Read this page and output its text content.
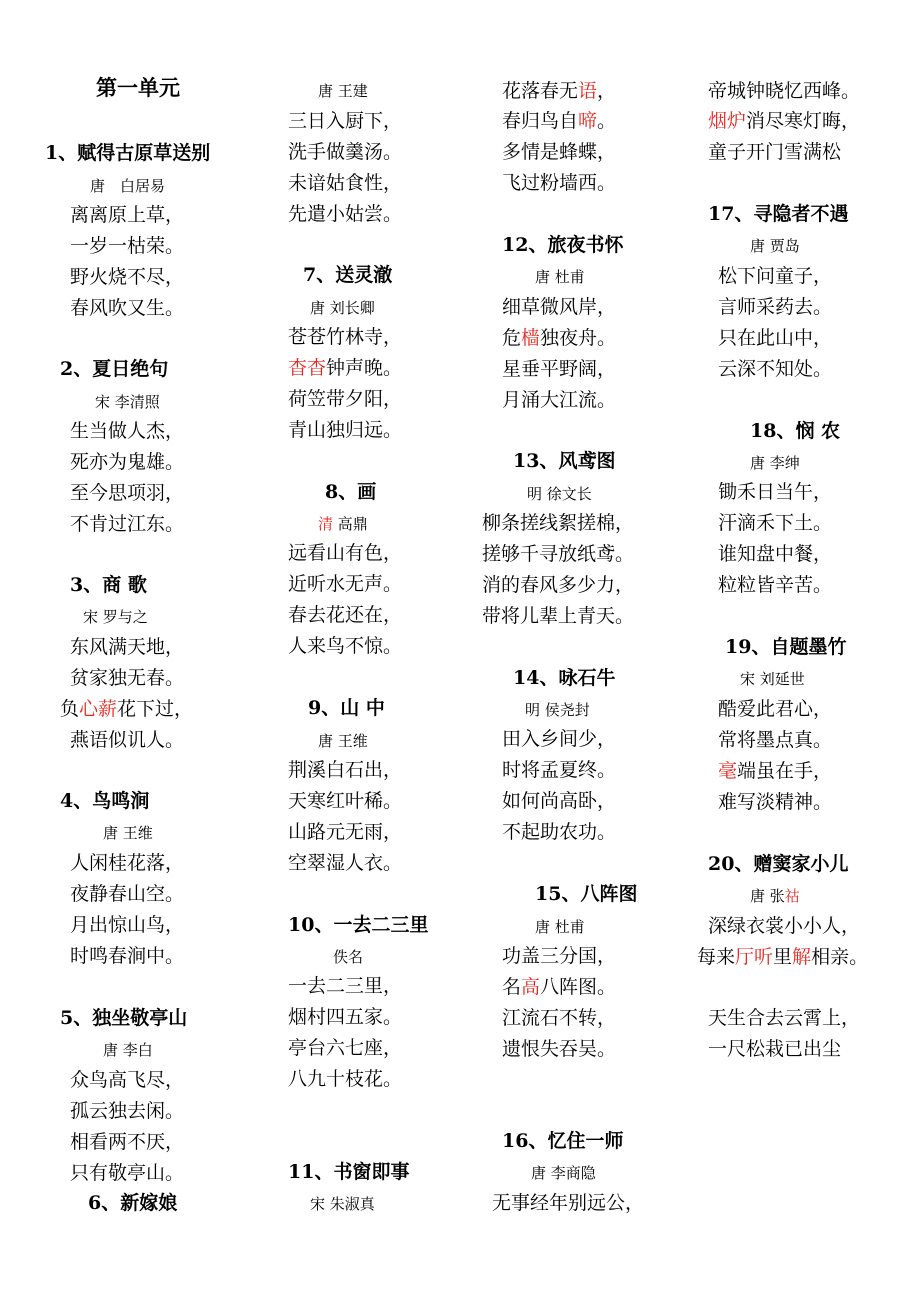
第一单元
1、赋得古原草送别
唐　白居易
离离原上草，
一岁一枯荣。
野火烧不尽，
春风吹又生。
2、夏日绝句
宋 李清照
生当做人杰，
死亦为鬼雄。
至今思项羽，
不肯过江东。
3、商 歌
宋 罗与之
东风满天地，
贫家独无春。
负心薪花下过，
燕语似讥人。
4、鸟鸣涧
唐 王维
人闲桂花落，
夜静春山空。
月出惊山鸟，
时鸣春涧中。
5、独坐敬亭山
唐 李白
众鸟高飞尽，
孤云独去闲。
相看两不厌，
只有敬亭山。
6、新嫁娘
唐 王建
三日入厨下，
洗手做羹汤。
未谙姑食性，
先遣小姑尝。
7、送灵澈
唐 刘长卿
苍苍竹林寺，
杳杳钟声晚。
荷笠带夕阳，
青山独归远。
8、画
清 高鼎
远看山有色，
近听水无声。
春去花还在，
人来鸟不惊。
9、山 中
唐 王维
荆溪白石出，
天寒红叶稀。
山路元无雨，
空翠湿人衣。
10、一去二三里
佚名
一去二三里，
烟村四五家。
亭台六七座，
八九十枝花。
11、书窗即事
宋 朱淑真
花落春无语，
春归鸟自啼。
多情是蜂蝶，
飞过粉墙西。
12、旅夜书怀
唐 杜甫
细草微风岸，
危樯独夜舟。
星垂平野阔，
月涌大江流。
13、风鸢图
明 徐文长
柳条搓线絮搓棉，
搓够千寻放纸鸢。
消的春风多少力，
带将儿辈上青天。
14、咏石牛
明 侯尧封
田入乡间少，
时将孟夏终。
如何尚高卧，
不起助农功。
15、八阵图
唐 杜甫
功盖三分国，
名高八阵图。
江流石不转，
遗恨失吞吴。
16、忆住一师
唐 李商隐
无事经年别远公，
帝城钟晓忆西峰。
烟炉消尽寒灯晦，
童子开门雪满松
17、寻隐者不遇
唐 贾岛
松下问童子，
言师采药去。
只在此山中，
云深不知处。
18、悯 农
唐 李绅
锄禾日当午，
汗滴禾下土。
谁知盘中餐，
粒粒皆辛苦。
19、自题墨竹
宋 刘延世
酷爱此君心，
常将墨点真。
毫端虽在手，
难写淡精神。
20、赠窦家小儿
唐 张祜
深绿衣裳小小人，
每来厅听里解相亲。
天生合去云霄上，
一尺松栽已出尘
